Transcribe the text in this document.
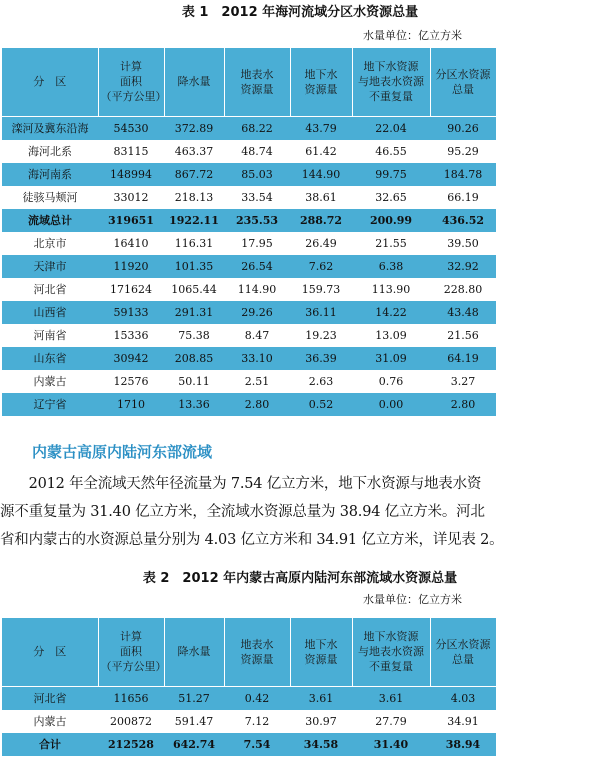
表 1　2012 年海河流域分区水资源总量

水量单位：亿立方米

分　区	计算
面积
（平方公里）	降水量	地表水
资源量	地下水
资源量	地下水资源
与地表水资源
不重复量	分区水资源
总量
滦河及冀东沿海	54530	372.89	68.22	43.79	22.04	90.26
海河北系	83115	463.37	48.74	61.42	46.55	95.29
海河南系	148994	867.72	85.03	144.90	99.75	184.78
徒骇马颊河	33012	218.13	33.54	38.61	32.65	66.19
流域总计	319651	1922.11	235.53	288.72	200.99	436.52
北京市	16410	116.31	17.95	26.49	21.55	39.50
天津市	11920	101.35	26.54	7.62	6.38	32.92
河北省	171624	1065.44	114.90	159.73	113.90	228.80
山西省	59133	291.31	29.26	36.11	14.22	43.48
河南省	15336	75.38	8.47	19.23	13.09	21.56
山东省	30942	208.85	33.10	36.39	31.09	64.19
内蒙古	12576	50.11	2.51	2.63	0.76	3.27
辽宁省	1710	13.36	2.80	0.52	0.00	2.80

内蒙古高原内陆河东部流域

　　2012 年全流域天然年径流量为 7.54 亿立方米，地下水资源与地表水资

源不重复量为 31.40 亿立方米，全流域水资源总量为 38.94 亿立方米。河北

省和内蒙古的水资源总量分别为 4.03 亿立方米和 34.91 亿立方米，详见表 2。

表 2　2012 年内蒙古高原内陆河东部流域水资源总量

水量单位：亿立方米

分　区	计算
面积
（平方公里）	降水量	地表水
资源量	地下水
资源量	地下水资源
与地表水资源
不重复量	分区水资源
总量
河北省	11656	51.27	0.42	3.61	3.61	4.03
内蒙古	200872	591.47	7.12	30.97	27.79	34.91
合计	212528	642.74	7.54	34.58	31.40	38.94
